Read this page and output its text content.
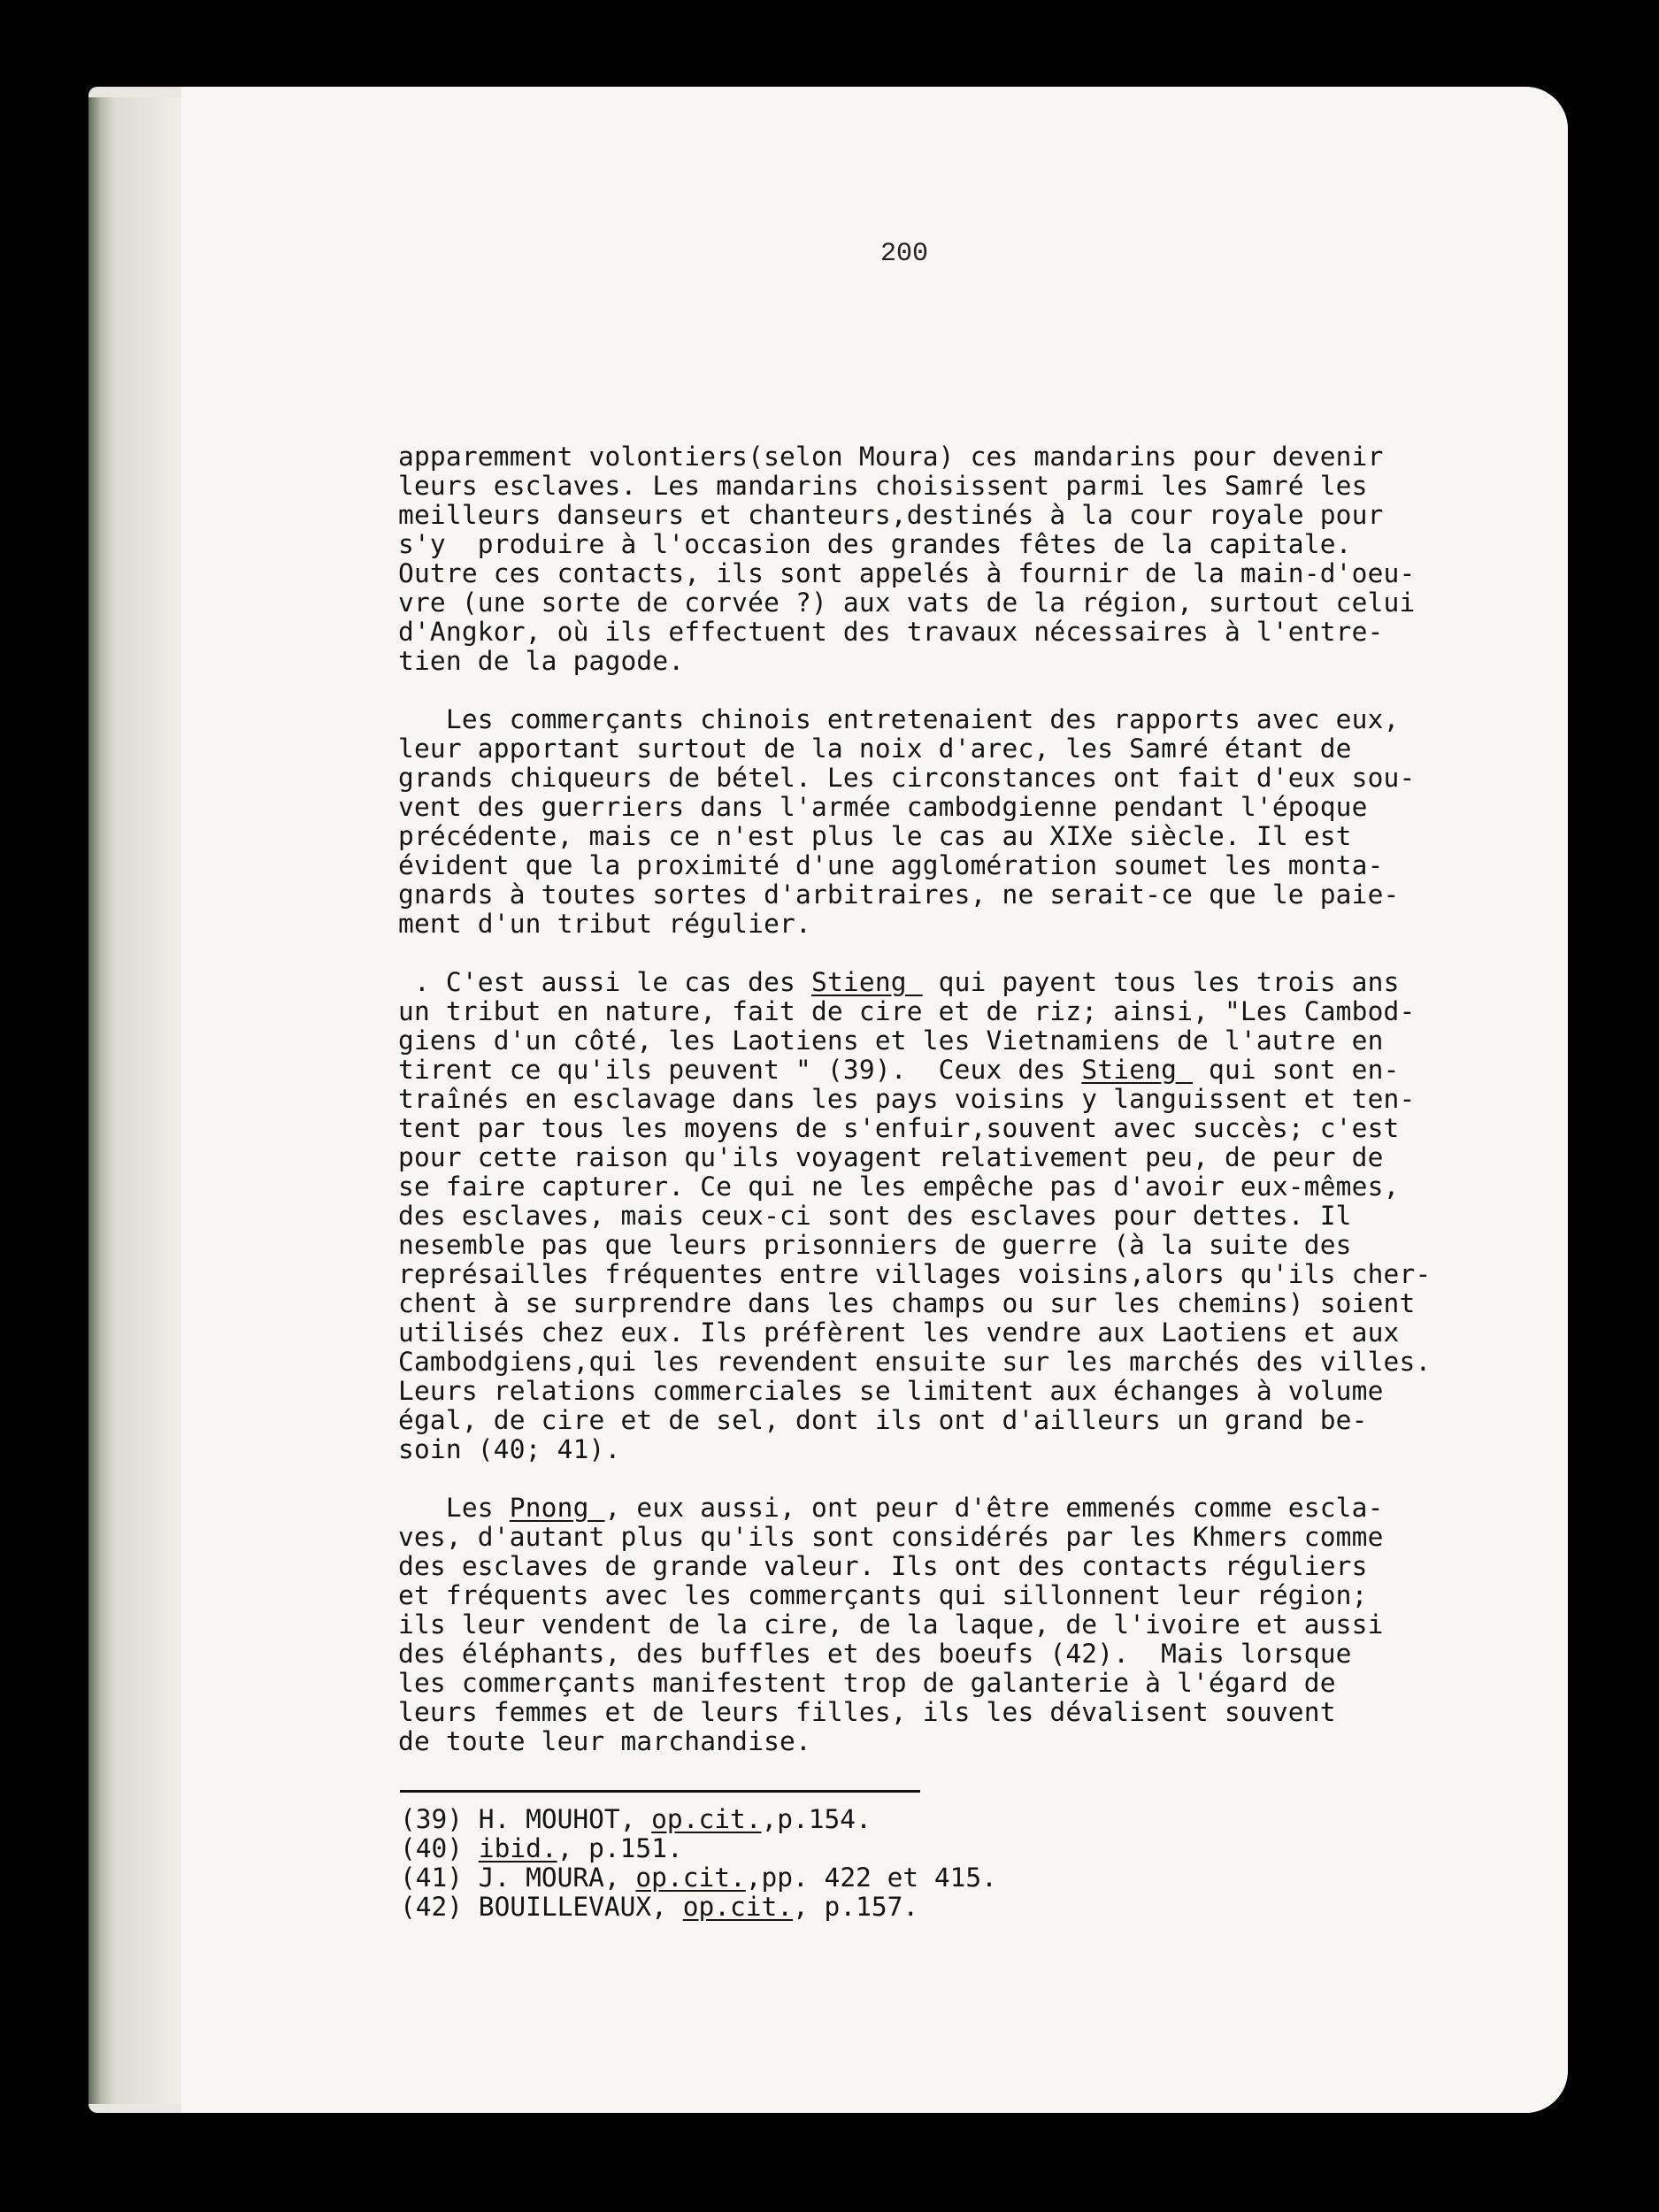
200
apparemment volontiers(selon Moura) ces mandarins pour devenir
leurs esclaves. Les mandarins choisissent parmi les Samré les
meilleurs danseurs et chanteurs,destinés à la cour royale pour
s'y  produire à l'occasion des grandes fêtes de la capitale.
Outre ces contacts, ils sont appelés à fournir de la main-d'oeu-
vre (une sorte de corvée ?) aux vats de la région, surtout celui
d'Angkor, où ils effectuent des travaux nécessaires à l'entre-
tien de la pagode.

Les commerçants chinois entretenaient des rapports avec eux,
leur apportant surtout de la noix d'arec, les Samré étant de
grands chiqueurs de bétel. Les circonstances ont fait d'eux sou-
vent des guerriers dans l'armée cambodgienne pendant l'époque
précédente, mais ce n'est plus le cas au XIXe siècle. Il est
évident que la proximité d'une agglomération soumet les monta-
gnards à toutes sortes d'arbitraires, ne serait-ce que le paie-
ment d'un tribut régulier.

. C'est aussi le cas des Stieng  qui payent tous les trois ans
un tribut en nature, fait de cire et de riz; ainsi, "Les Cambod-
giens d'un côté, les Laotiens et les Vietnamiens de l'autre en
tirent ce qu'ils peuvent " (39).  Ceux des Stieng  qui sont en-
traînés en esclavage dans les pays voisins y languissent et ten-
tent par tous les moyens de s'enfuir,souvent avec succès; c'est
pour cette raison qu'ils voyagent relativement peu, de peur de
se faire capturer. Ce qui ne les empêche pas d'avoir eux-mêmes,
des esclaves, mais ceux-ci sont des esclaves pour dettes. Il
nesemble pas que leurs prisonniers de guerre (à la suite des
représailles fréquentes entre villages voisins,alors qu'ils cher-
chent à se surprendre dans les champs ou sur les chemins) soient
utilisés chez eux. Ils préfèrent les vendre aux Laotiens et aux
Cambodgiens,qui les revendent ensuite sur les marchés des villes.
Leurs relations commerciales se limitent aux échanges à volume
égal, de cire et de sel, dont ils ont d'ailleurs un grand be-
soin (40; 41).

Les Pnong , eux aussi, ont peur d'être emmenés comme escla-
ves, d'autant plus qu'ils sont considérés par les Khmers comme
des esclaves de grande valeur. Ils ont des contacts réguliers
et fréquents avec les commerçants qui sillonnent leur région;
ils leur vendent de la cire, de la laque, de l'ivoire et aussi
des éléphants, des buffles et des boeufs (42).  Mais lorsque
les commerçants manifestent trop de galanterie à l'égard de
leurs femmes et de leurs filles, ils les dévalisent souvent
de toute leur marchandise.
(39) H. MOUHOT, op.cit.,p.154.
(40) ibid., p.151.
(41) J. MOURA, op.cit.,pp. 422 et 415.
(42) BOUILLEVAUX, op.cit., p.157.
